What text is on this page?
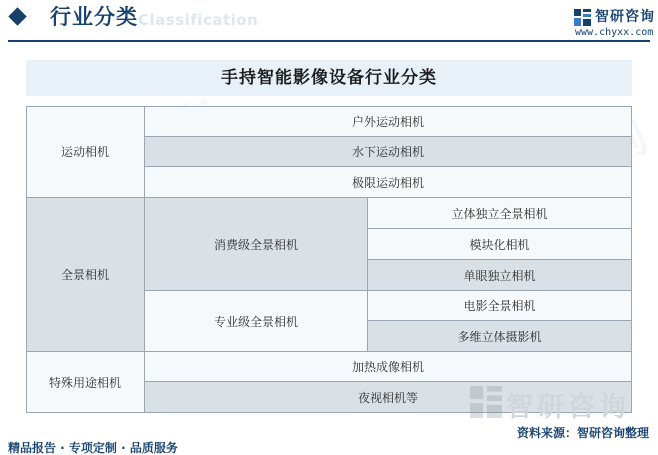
行业分类 Classification	智研咨询
www.chyxx.com
手持智能影像设备行业分类
运动相机
户外运动相机
水下运动相机
极限运动相机
全景相机
消费级全景相机
立体独立全景相机
模块化相机
单眼独立相机
专业级全景相机
电影全景相机
多维立体摄影机
特殊用途相机
加热成像相机
夜视相机等	智研咨询
资料来源：智研咨询整理
精品报告 · 专项定制 · 品质服务
